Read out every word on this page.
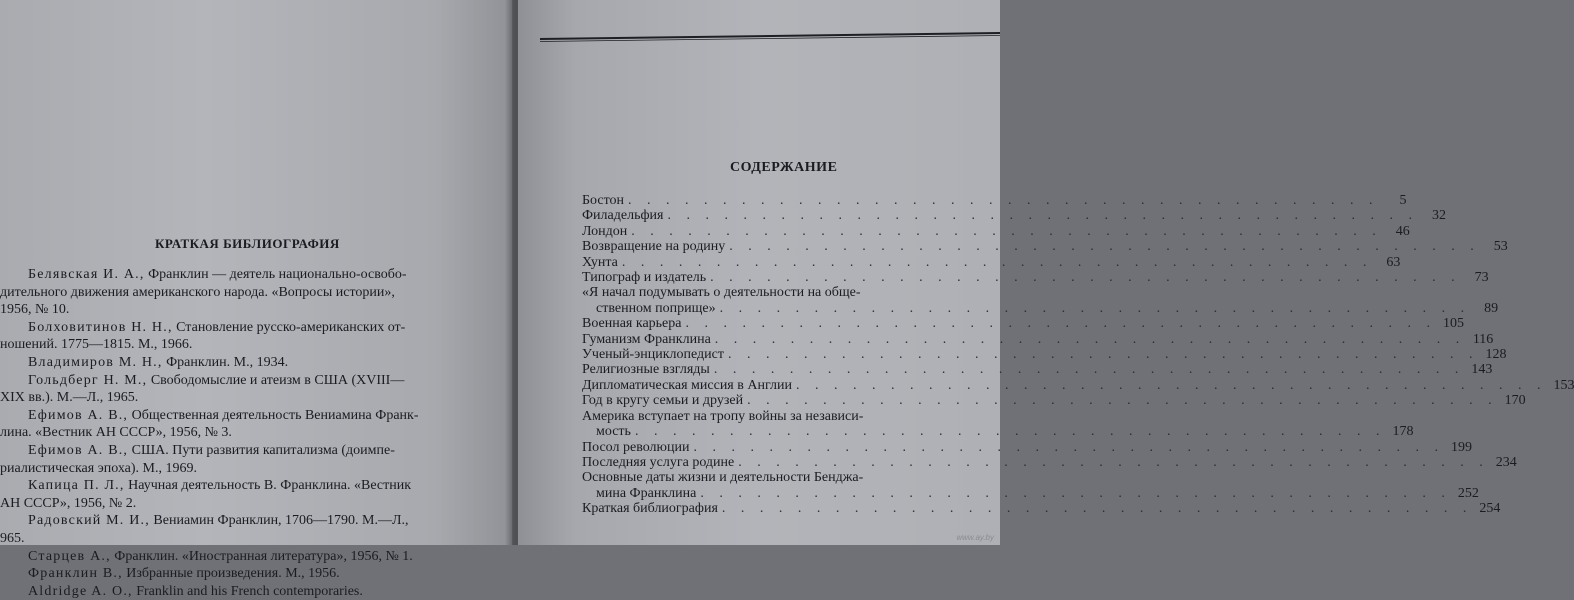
КРАТКАЯ БИБЛИОГРАФИЯ
Белявская И. А., Франклин — деятель национально-освобо-
дительного движения американского народа. «Вопросы истории»,
1956, № 10.
Болховитинов Н. Н., Становление русско-американских от-
ношений. 1775—1815. М., 1966.
Владимиров М. Н., Франклин. М., 1934.
Гольдберг Н. М., Свободомыслие и атеизм в США (XVIII—
XIX вв.). М.—Л., 1965.
Ефимов А. В., Общественная деятельность Вениамина Франк-
лина. «Вестник АН СССР», 1956, № 3.
Ефимов А. В., США. Пути развития капитализма (доимпе-
риалистическая эпоха). М., 1969.
Капица П. Л., Научная деятельность В. Франклина. «Вестник
АН СССР», 1956, № 2.
Радовский М. И., Вениамин Франклин, 1706—1790. М.—Л.,
965.
Старцев А., Франклин. «Иностранная литература», 1956, № 1.
Франклин В., Избранные произведения. М., 1956.
Aldridge A. O., Franklin and his French contemporaries.
СОДЕРЖАНИЕ
Бостон . . . . . . . . . . . . . . . . . . . . . . . . . . . . . . . . . . . . . . . .	5
Филадельфия . . . . . . . . . . . . . . . . . . . . . . . . . . . . . . . . . . . . . . . .	32
Лондон . . . . . . . . . . . . . . . . . . . . . . . . . . . . . . . . . . . . . . . .	46
Возвращение на родину . . . . . . . . . . . . . . . . . . . . . . . . . . . . . . . . . . . . . . . .	53
Хунта . . . . . . . . . . . . . . . . . . . . . . . . . . . . . . . . . . . . . . . .	63
Типограф и издатель . . . . . . . . . . . . . . . . . . . . . . . . . . . . . . . . . . . . . . . .	73
«Я начал подумывать о деятельности на обще-
ственном поприще» . . . . . . . . . . . . . . . . . . . . . . . . . . . . . . . . . . . . . . . .	89
Военная карьера . . . . . . . . . . . . . . . . . . . . . . . . . . . . . . . . . . . . . . . . 105
Гуманизм Франклина . . . . . . . . . . . . . . . . . . . . . . . . . . . . . . . . . . . . . . . . 116
Ученый-энциклопедист . . . . . . . . . . . . . . . . . . . . . . . . . . . . . . . . . . . . . . . . 128
Религиозные взгляды . . . . . . . . . . . . . . . . . . . . . . . . . . . . . . . . . . . . . . . . 143
Дипломатическая миссия в Англии . . . . . . . . . . . . . . . . . . . . . . . . . . . . . . . . . . . . . . . . 153
Год в кругу семьи и друзей . . . . . . . . . . . . . . . . . . . . . . . . . . . . . . . . . . . . . . . . 170
Америка вступает на тропу войны за независи-
мость . . . . . . . . . . . . . . . . . . . . . . . . . . . . . . . . . . . . . . . . 178
Посол революции . . . . . . . . . . . . . . . . . . . . . . . . . . . . . . . . . . . . . . . . 199
Последняя услуга родине . . . . . . . . . . . . . . . . . . . . . . . . . . . . . . . . . . . . . . . . 234
Основные даты жизни и деятельности Бенджа-
мина Франклина . . . . . . . . . . . . . . . . . . . . . . . . . . . . . . . . . . . . . . . . 252
Краткая библиография . . . . . . . . . . . . . . . . . . . . . . . . . . . . . . . . . . . . . . . . 254
www.ay.by
